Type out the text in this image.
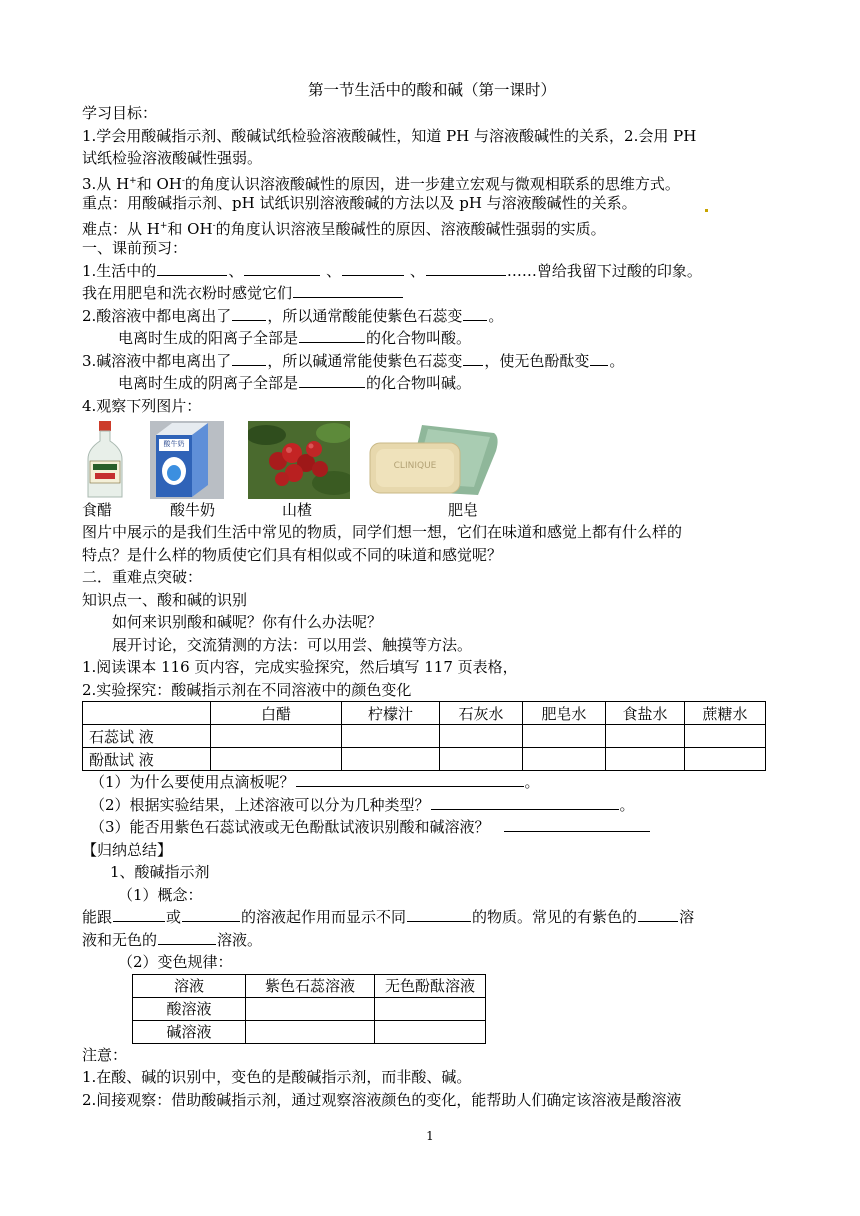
第一节生活中的酸和碱（第一课时）
学习目标：
1.学会用酸碱指示剂、酸碱试纸检验溶液酸碱性，知道 PH 与溶液酸碱性的关系，2.会用 PH
试纸检验溶液酸碱性强弱。
3.从 H+和 OH-的角度认识溶液酸碱性的原因，进一步建立宏观与微观相联系的思维方式。
重点：用酸碱指示剂、pH 试纸识别溶液酸碱的方法以及 pH 与溶液酸碱性的关系。
难点：从 H+和 OH-的角度认识溶液呈酸碱性的原因、溶液酸碱性强弱的实质。
一、课前预习：
1.生活中的	、	、	、	……曾给我留下过酸的印象。
我在用肥皂和洗衣粉时感觉它们
2.酸溶液中都电离出了 ，所以通常酸能使紫色石蕊变 。
电离时生成的阳离子全部是	的化合物叫酸。
3.碱溶液中都电离出了 ，所以碱通常能使紫色石蕊变 ，使无色酚酞变 。
电离时生成的阴离子全部是	的化合物叫碱。
4.观察下列图片：
酸牛奶
CLINIQUE
食醋	酸牛奶	山楂	肥皂
图片中展示的是我们生活中常见的物质，同学们想一想，它们在味道和感觉上都有什么样的
特点？是什么样的物质使它们具有相似或不同的味道和感觉呢？
二．重难点突破：
知识点一、酸和碱的识别
如何来识别酸和碱呢？你有什么办法呢？
展开讨论，交流猜测的方法：可以用尝、触摸等方法。
1.阅读课本 116 页内容，完成实验探究，然后填写 117 页表格，
2.实验探究：酸碱指示剂在不同溶液中的颜色变化
	白醋	柠檬汁	石灰水	肥皂水	食盐水	蔗糖水
石蕊试 液						
酚酞试 液						
（1）为什么要使用点滴板呢？	。
（2）根据实验结果，上述溶液可以分为几种类型？	。
（3）能否用紫色石蕊试液或无色酚酞试液识别酸和碱溶液？
【归纳总结】
1、酸碱指示剂
（1）概念：
能跟	或	的溶液起作用而显示不同	的物质。常见的有紫色的	溶
液和无色的	溶液。
（2）变色规律：
溶液	紫色石蕊溶液	无色酚酞溶液
酸溶液		
碱溶液		
注意：
1.在酸、碱的识别中，变色的是酸碱指示剂，而非酸、碱。
2.间接观察：借助酸碱指示剂，通过观察溶液颜色的变化，能帮助人们确定该溶液是酸溶液
1
